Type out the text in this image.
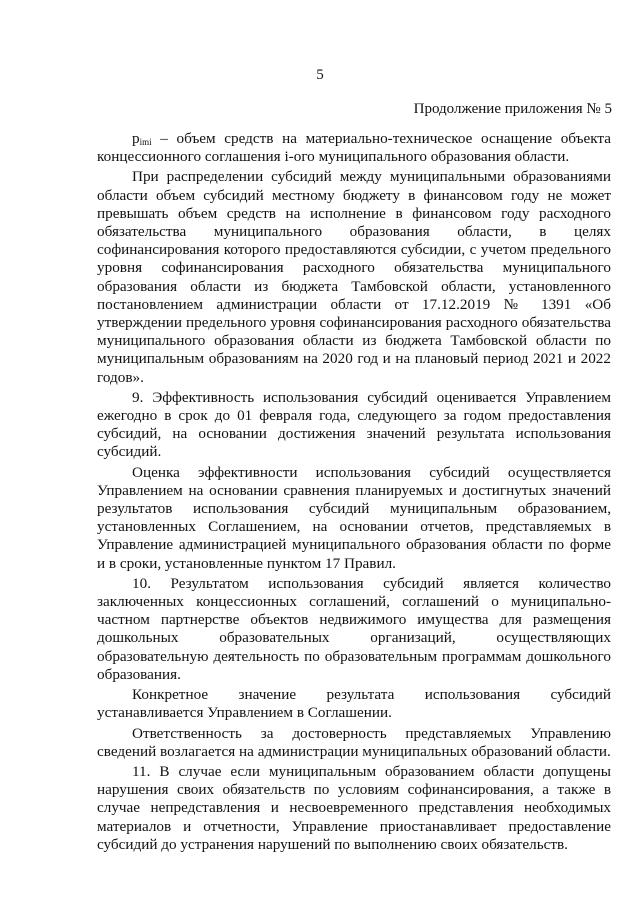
5
Продолжение приложения № 5

$p_{imi}$ – объем средств на материально-техническое оснащение объекта концессионного соглашения i-ого муниципального образования области.

При распределении субсидий между муниципальными образованиями области объем субсидий местному бюджету в финансовом году не может превышать объем средств на исполнение в финансовом году расходного обязательства муниципального образования области, в целях софинансирования которого предоставляются субсидии, с учетом предельного уровня софинансирования расходного обязательства муниципального образования области из бюджета Тамбовской области, установленного постановлением администрации области от 17.12.2019 № 1391 «Об утверждении предельного уровня софинансирования расходного обязательства муниципального образования области из бюджета Тамбовской области по муниципальным образованиям на 2020 год и на плановый период 2021 и 2022 годов».

9. Эффективность использования субсидий оценивается Управлением ежегодно в срок до 01 февраля года, следующего за годом предоставления субсидий, на основании достижения значений результата использования субсидий.

Оценка эффективности использования субсидий осуществляется Управлением на основании сравнения планируемых и достигнутых значений результатов использования субсидий муниципальным образованием, установленных Соглашением, на основании отчетов, представляемых в Управление администрацией муниципального образования области по форме и в сроки, установленные пунктом 17 Правил.

10. Результатом использования субсидий является количество заключенных концессионных соглашений, соглашений о муниципально-частном партнерстве объектов недвижимого имущества для размещения дошкольных образовательных организаций, осуществляющих образовательную деятельность по образовательным программам дошкольного образования.

Конкретное значение результата использования субсидий устанавливается Управлением в Соглашении.

Ответственность за достоверность представляемых Управлению сведений возлагается на администрации муниципальных образований области.

11. В случае если муниципальным образованием области допущены нарушения своих обязательств по условиям софинансирования, а также в случае непредставления и несвоевременного представления необходимых материалов и отчетности, Управление приостанавливает предоставление субсидий до устранения нарушений по выполнению своих обязательств.
